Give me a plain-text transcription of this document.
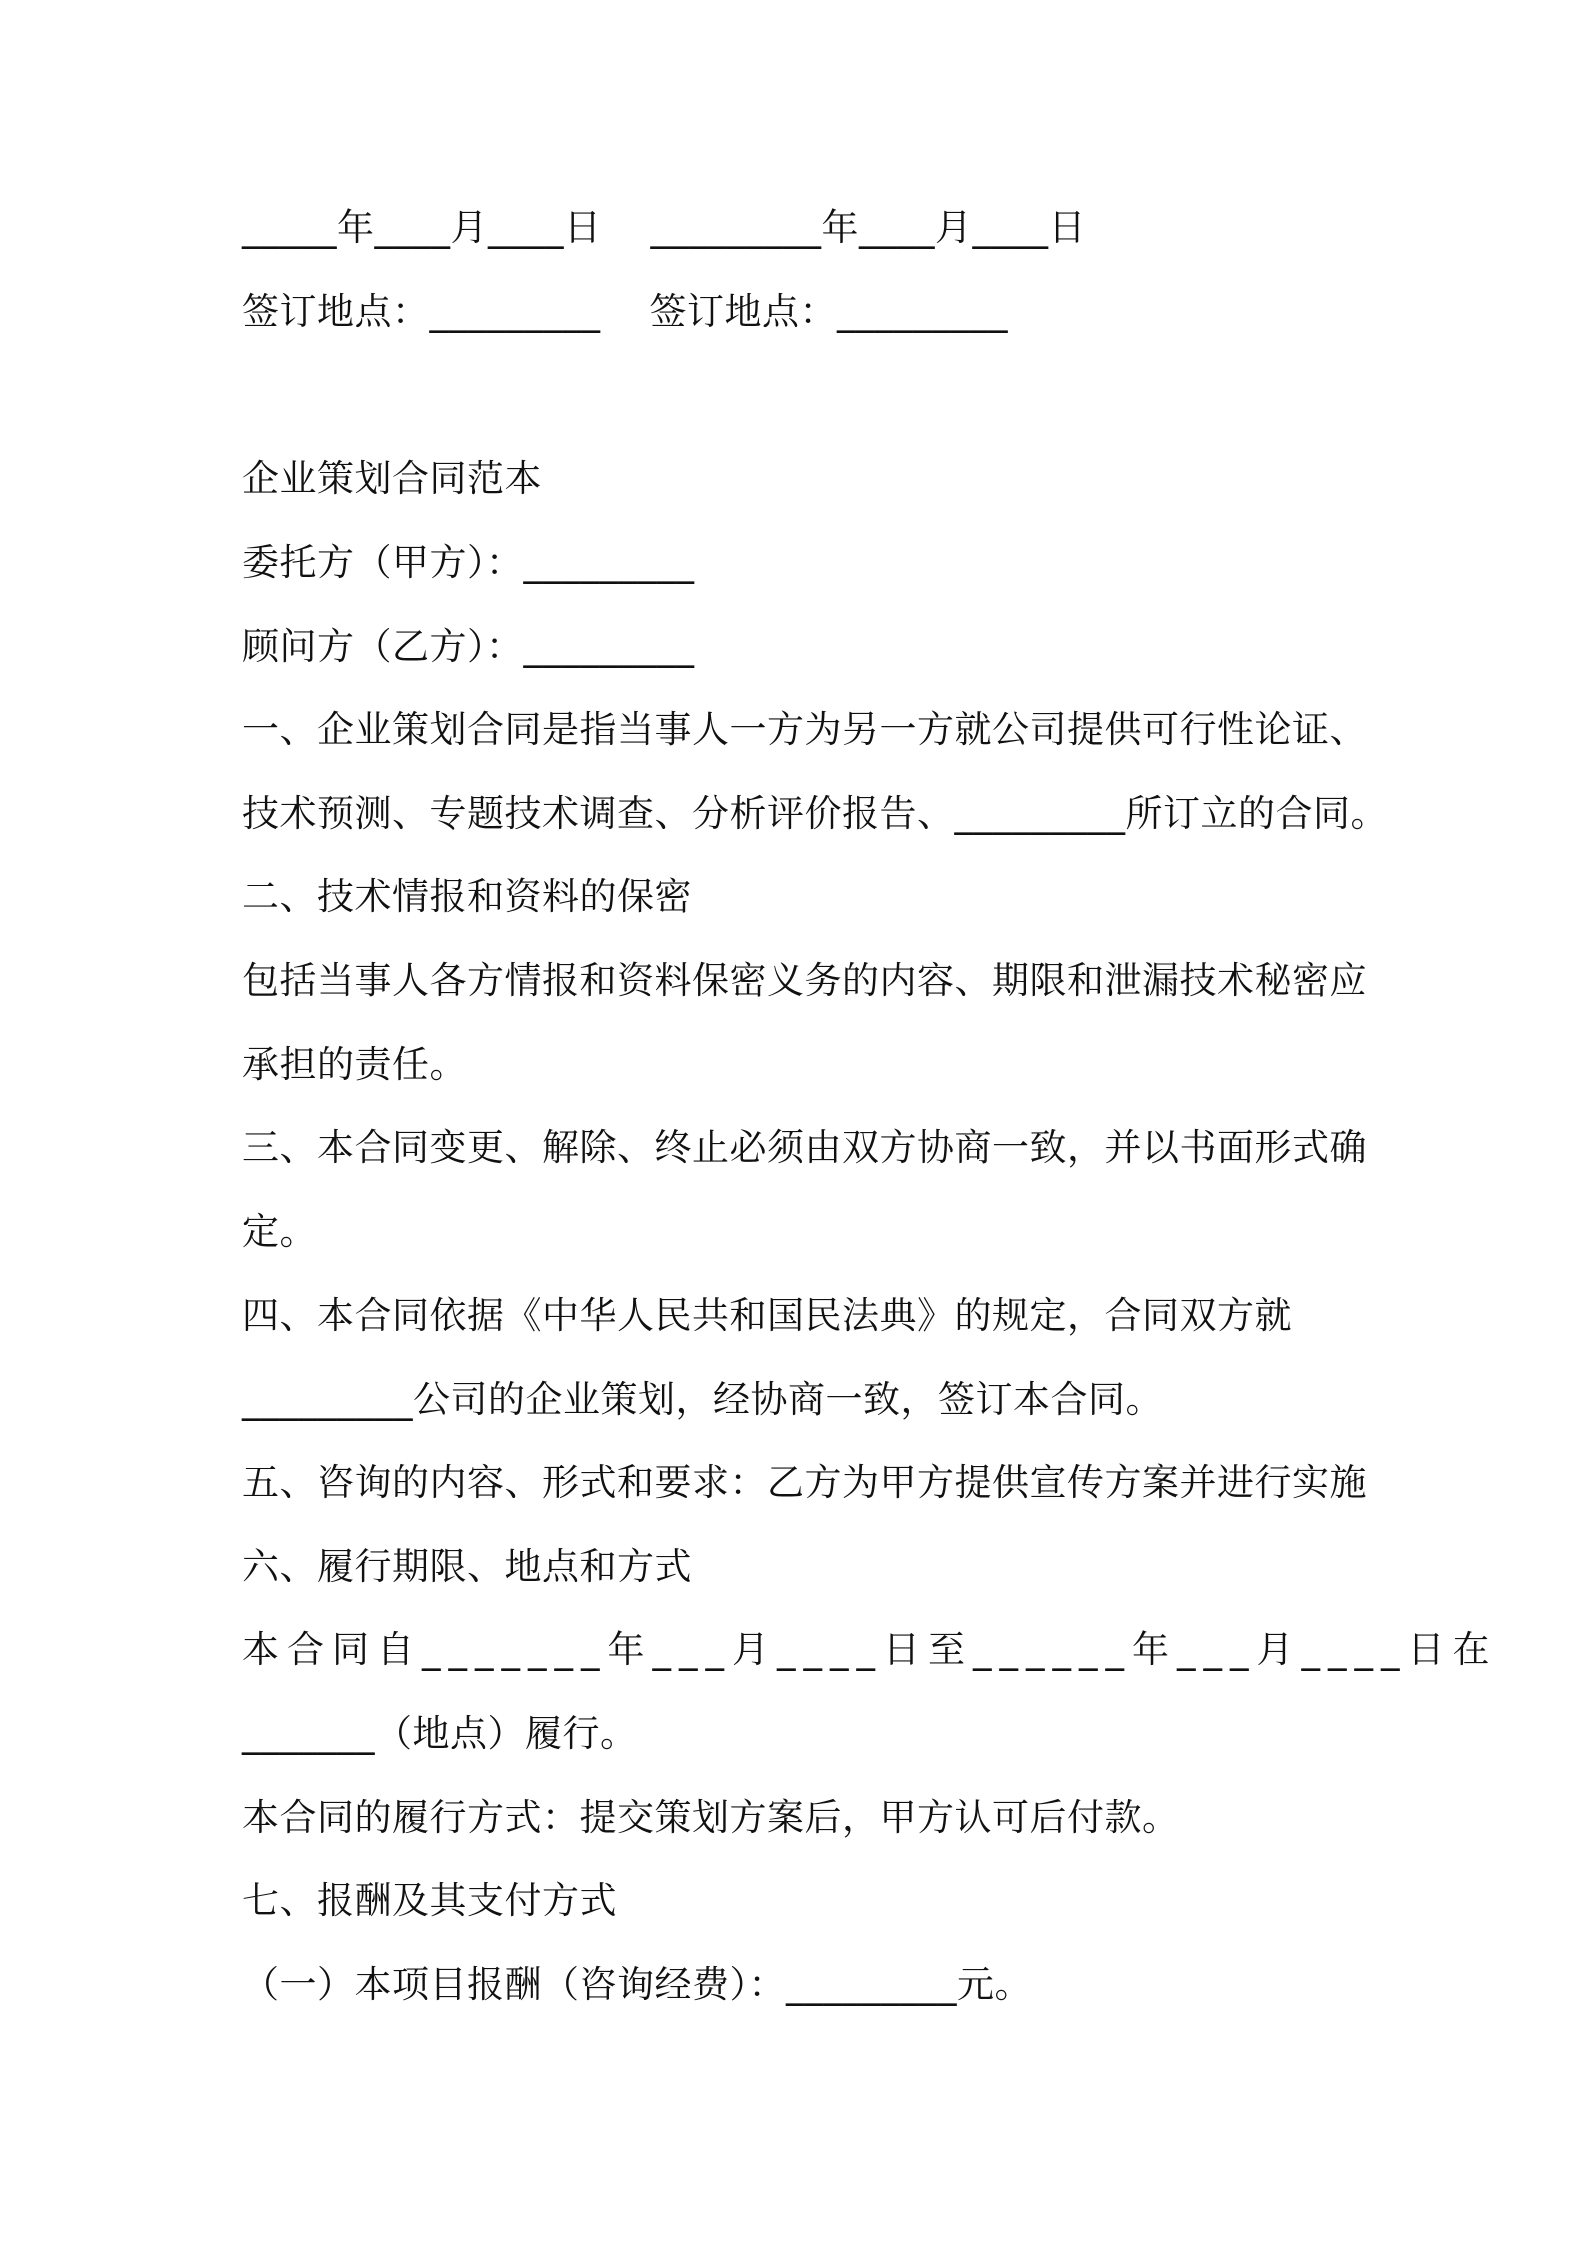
_____年____月____日    _________年____月____日
签订地点：_________    签订地点：_________
企业策划合同范本
委托方（甲方）：_________
顾问方（乙方）：_________
一、企业策划合同是指当事人一方为另一方就公司提供可行性论证、
技术预测、专题技术调查、分析评价报告、_________所订立的合同。
二、技术情报和资料的保密
包括当事人各方情报和资料保密义务的内容、期限和泄漏技术秘密应
承担的责任。
三、本合同变更、解除、终止必须由双方协商一致，并以书面形式确
定。
四、本合同依据《中华人民共和国民法典》的规定，合同双方就
_________公司的企业策划，经协商一致，签订本合同。
五、咨询的内容、形式和要求：乙方为甲方提供宣传方案并进行实施
六、履行期限、地点和方式
本合同自_______年___月____日至______年___月____日在
_______（地点）履行。
本合同的履行方式：提交策划方案后，甲方认可后付款。
七、报酬及其支付方式
（一）本项目报酬（咨询经费）：_________元。
